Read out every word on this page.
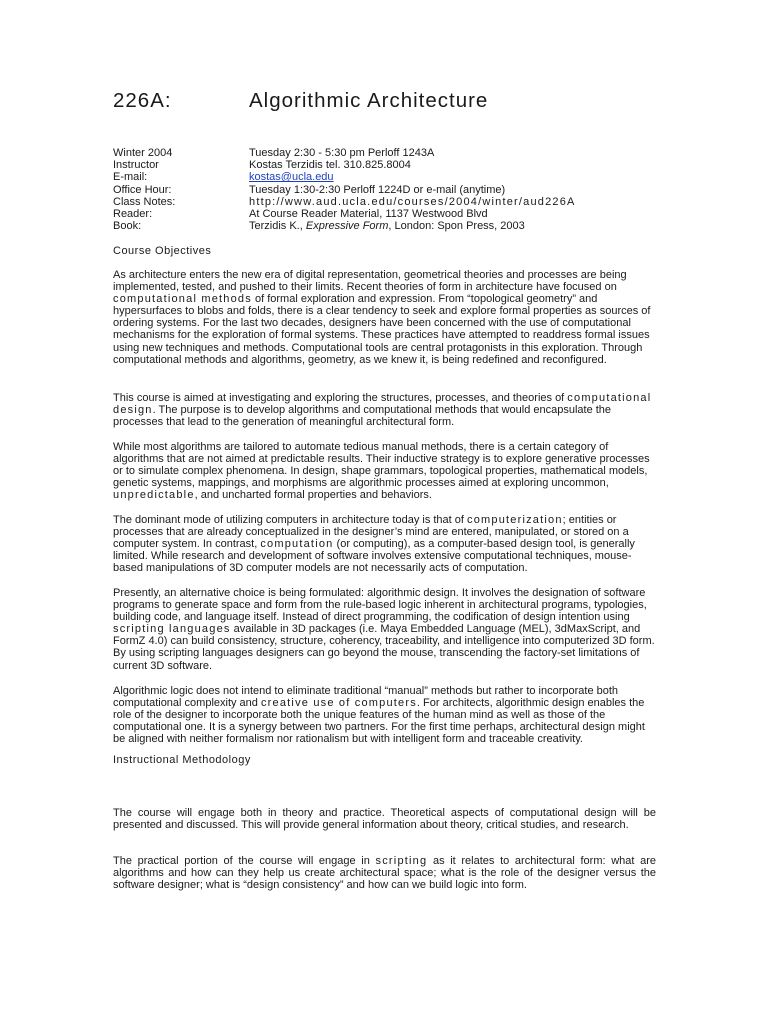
226A:	Algorithmic Architecture
Winter 2004	Tuesday 2:30 - 5:30 pm Perloff 1243A
Instructor	Kostas Terzidis tel. 310.825.8004
E-mail:	kostas@ucla.edu
Office Hour:	Tuesday 1:30-2:30 Perloff 1224D or e-mail (anytime)
Class Notes:	http://www.aud.ucla.edu/courses/2004/winter/aud226A
Reader:	At Course Reader Material, 1137 Westwood Blvd
Book:	Terzidis K., Expressive Form, London: Spon Press, 2003
Course Objectives

As architecture enters the new era of digital representation, geometrical theories and processes are being implemented, tested, and pushed to their limits. Recent theories of form in architecture have focused on computational methods of formal exploration and expression. From “topological geometry” and hypersurfaces to blobs and folds, there is a clear tendency to seek and explore formal properties as sources of ordering systems. For the last two decades, designers have been concerned with the use of computational mechanisms for the exploration of formal systems. These practices have attempted to readdress formal issues using new techniques and methods. Computational tools are central protagonists in this exploration. Through computational methods and algorithms, geometry, as we knew it, is being redefined and reconfigured.

This course is aimed at investigating and exploring the structures, processes, and theories of computational design. The purpose is to develop algorithms and computational methods that would encapsulate the processes that lead to the generation of meaningful architectural form.

While most algorithms are tailored to automate tedious manual methods, there is a certain category of algorithms that are not aimed at predictable results. Their inductive strategy is to explore generative processes or to simulate complex phenomena. In design, shape grammars, topological properties, mathematical models, genetic systems, mappings, and morphisms are algorithmic processes aimed at exploring uncommon, unpredictable, and uncharted formal properties and behaviors.

The dominant mode of utilizing computers in architecture today is that of computerization; entities or processes that are already conceptualized in the designer’s mind are entered, manipulated, or stored on a computer system. In contrast, computation (or computing), as a computer-based design tool, is generally limited. While research and development of software involves extensive computational techniques, mouse-based manipulations of 3D computer models are not necessarily acts of computation.

Presently, an alternative choice is being formulated: algorithmic design. It involves the designation of software programs to generate space and form from the rule-based logic inherent in architectural programs, typologies, building code, and language itself. Instead of direct programming, the codification of design intention using scripting languages available in 3D packages (i.e. Maya Embedded Language (MEL), 3dMaxScript, and FormZ 4.0) can build consistency, structure, coherency, traceability, and intelligence into computerized 3D form. By using scripting languages designers can go beyond the mouse, transcending the factory-set limitations of current 3D software.

Algorithmic logic does not intend to eliminate traditional “manual” methods but rather to incorporate both computational complexity and creative use of computers. For architects, algorithmic design enables the role of the designer to incorporate both the unique features of the human mind as well as those of the computational one. It is a synergy between two partners. For the first time perhaps, architectural design might be aligned with neither formalism nor rationalism but with intelligent form and traceable creativity.

Instructional Methodology

The course will engage both in theory and practice. Theoretical aspects of computational design will be presented and discussed. This will provide general information about theory, critical studies, and research.

The practical portion of the course will engage in scripting as it relates to architectural form: what are algorithms and how can they help us create architectural space; what is the role of the designer versus the software designer; what is “design consistency” and how can we build logic into form.
